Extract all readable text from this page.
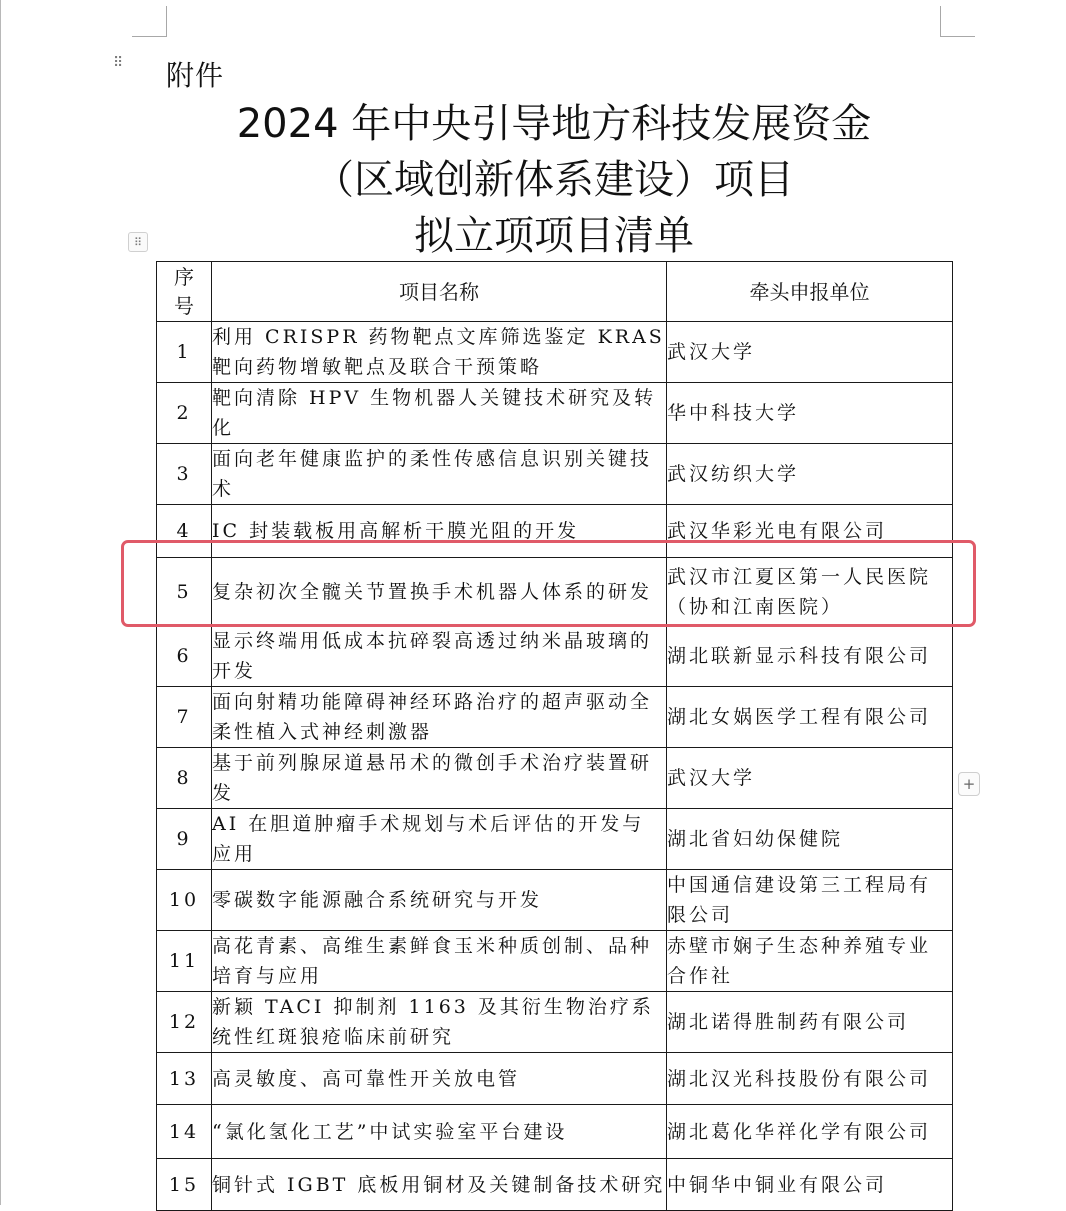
⠿
⠿
附件
2024 年中央引导地方科技发展资金
（区域创新体系建设）项目
拟立项项目清单
序
号	项目名称	牵头申报单位
1	利用 CRISPR 药物靶点文库筛选鉴定 KRAS 靶向药物增敏靶点及联合干预策略	武汉大学
2	靶向清除 HPV 生物机器人关键技术研究及转化	华中科技大学
3	面向老年健康监护的柔性传感信息识别关键技术	武汉纺织大学
4	IC 封装载板用高解析干膜光阻的开发	武汉华彩光电有限公司
5	复杂初次全髋关节置换手术机器人体系的研发	武汉市江夏区第一人民医院（协和江南医院）
6	显示终端用低成本抗碎裂高透过纳米晶玻璃的开发	湖北联新显示科技有限公司
7	面向射精功能障碍神经环路治疗的超声驱动全柔性植入式神经刺激器	湖北女娲医学工程有限公司
8	基于前列腺尿道悬吊术的微创手术治疗装置研发	武汉大学
9	AI 在胆道肿瘤手术规划与术后评估的开发与应用	湖北省妇幼保健院
10	零碳数字能源融合系统研究与开发	中国通信建设第三工程局有限公司
11	高花青素、高维生素鲜食玉米种质创制、品种培育与应用	赤壁市娴子生态种养殖专业合作社
12	新颖 TACI 抑制剂 1163 及其衍生物治疗系统性红斑狼疮临床前研究	湖北诺得胜制药有限公司
13	高灵敏度、高可靠性开关放电管	湖北汉光科技股份有限公司
14	“氯化氢化工艺”中试实验室平台建设	湖北葛化华祥化学有限公司
15	铜针式 IGBT 底板用铜材及关键制备技术研究	中铜华中铜业有限公司
+
